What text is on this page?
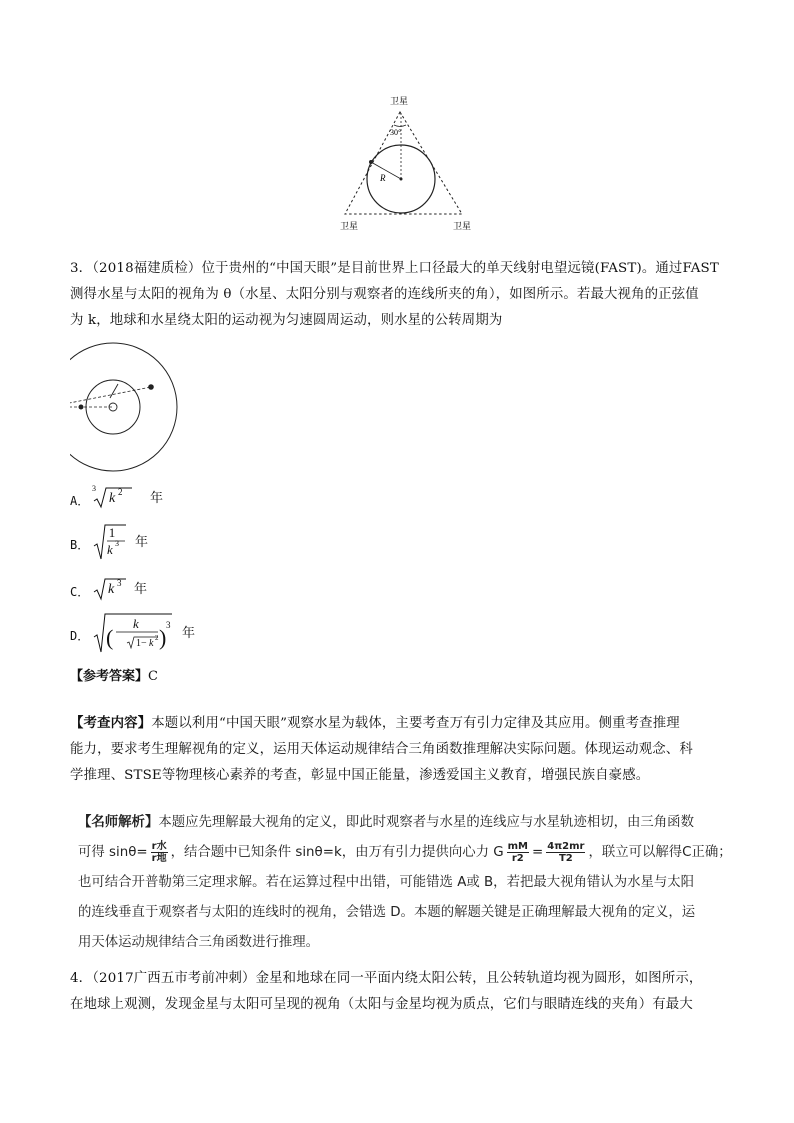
卫星
30°
R
卫星	卫星
3．（2018福建质检）位于贵州的“中国天眼”是目前世界上口径最大的单天线射电望远镜(FAST)。通过FAST
测得水星与太阳的视角为 θ（水星、太阳分别与观察者的连线所夹的角），如图所示。若最大视角的正弦值
为 k，地球和水星绕太阳的运动视为匀速圆周运动，则水星的公转周期为
A．
3
k 2 年
B．
1
k 3 年
C． k 3 年
D． (
k
1− k 2 ) 3
年
【参考答案】C
【考查内容】本题以利用“中国天眼”观察水星为载体，主要考查万有引力定律及其应用。侧重考查推理
能力，要求考生理解视角的定义，运用天体运动规律结合三角函数推理解决实际问题。体现运动观念、科
学推理、STSE等物理核心素养的考查，彰显中国正能量，渗透爱国主义教育，增强民族自豪感。
【名师解析】本题应先理解最大视角的定义，即此时观察者与水星的连线应与水星轨迹相切，由三角函数
可得 $\sin\theta= \frac{\text{r水}}{\text{r地}}$ ，结合题中已知条件 sinθ=k，由万有引力提供向心力 G $\frac{mM}{r2} = \frac{4\pi 2mr}{T2}$ ，联立可以解得C正确；
也可结合开普勒第三定理求解。若在运算过程中出错，可能错选 A或 B，若把最大视角错认为水星与太阳
的连线垂直于观察者与太阳的连线时的视角，会错选 D。本题的解题关键是正确理解最大视角的定义，运
用天体运动规律结合三角函数进行推理。
4．（2017广西五市考前冲刺）金星和地球在同一平面内绕太阳公转，且公转轨道均视为圆形，如图所示，
在地球上观测，发现金星与太阳可呈现的视角（太阳与金星均视为质点，它们与眼睛连线的夹角）有最大
